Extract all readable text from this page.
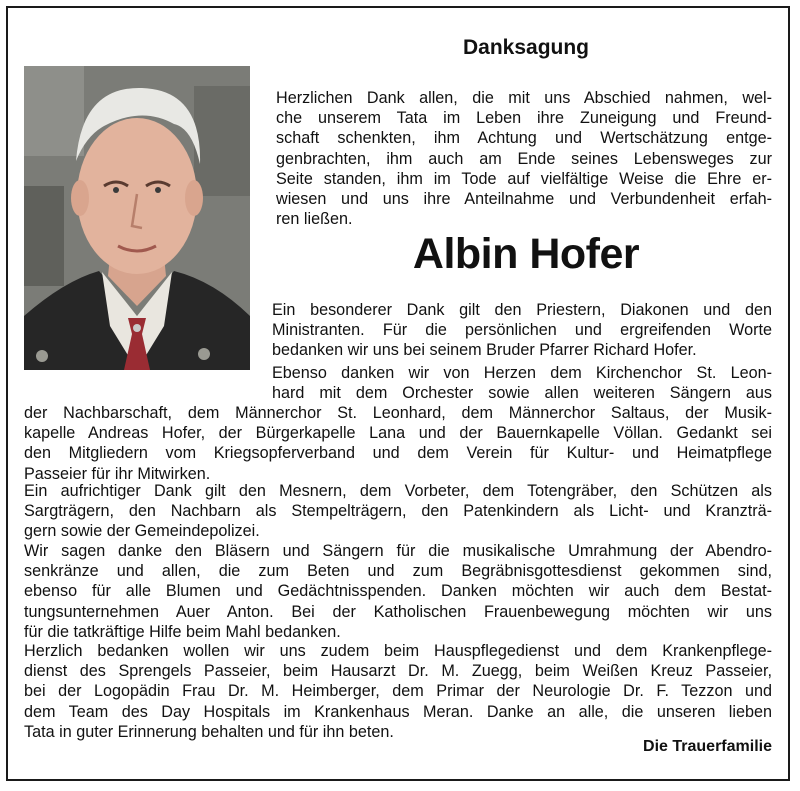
Danksagung
Herzlichen Dank allen, die mit uns Abschied nahmen, wel-
che unserem Tata im Leben ihre Zuneigung und Freund-
schaft schenkten, ihm Achtung und Wertschätzung entge-
genbrachten, ihm auch am Ende seines Lebensweges zur
Seite standen, ihm im Tode auf vielfältige Weise die Ehre er-
wiesen und uns ihre Anteilnahme und Verbundenheit erfah-
ren ließen.
Albin Hofer
Ein besonderer Dank gilt den Priestern, Diakonen und den
Ministranten. Für die persönlichen und ergreifenden Worte
bedanken wir uns bei seinem Bruder Pfarrer Richard Hofer.
Ebenso danken wir von Herzen dem Kirchenchor St. Leon-
hard mit dem Orchester sowie allen weiteren Sängern aus
der Nachbarschaft, dem Männerchor St. Leonhard, dem Männerchor Saltaus, der Musik-
kapelle Andreas Hofer, der Bürgerkapelle Lana und der Bauernkapelle Völlan. Gedankt sei
den Mitgliedern vom Kriegsopferverband und dem Verein für Kultur- und Heimatpflege
Passeier für ihr Mitwirken.
Ein aufrichtiger Dank gilt den Mesnern, dem Vorbeter, dem Totengräber, den Schützen als
Sargträgern, den Nachbarn als Stempelträgern, den Patenkindern als Licht- und Kranzträ-
gern sowie der Gemeindepolizei.
Wir sagen danke den Bläsern und Sängern für die musikalische Umrahmung der Abendro-
senkränze und allen, die zum Beten und zum Begräbnisgottesdienst gekommen sind,
ebenso für alle Blumen und Gedächtnisspenden. Danken möchten wir auch dem Bestat-
tungsunternehmen Auer Anton. Bei der Katholischen Frauenbewegung möchten wir uns
für die tatkräftige Hilfe beim Mahl bedanken.
Herzlich bedanken wollen wir uns zudem beim Hauspflegedienst und dem Krankenpflege-
dienst des Sprengels Passeier, beim Hausarzt Dr. M. Zuegg, beim Weißen Kreuz Passeier,
bei der Logopädin Frau Dr. M. Heimberger, dem Primar der Neurologie Dr. F. Tezzon und
dem Team des Day Hospitals im Krankenhaus Meran. Danke an alle, die unseren lieben
Tata in guter Erinnerung behalten und für ihn beten.
Die Trauerfamilie
